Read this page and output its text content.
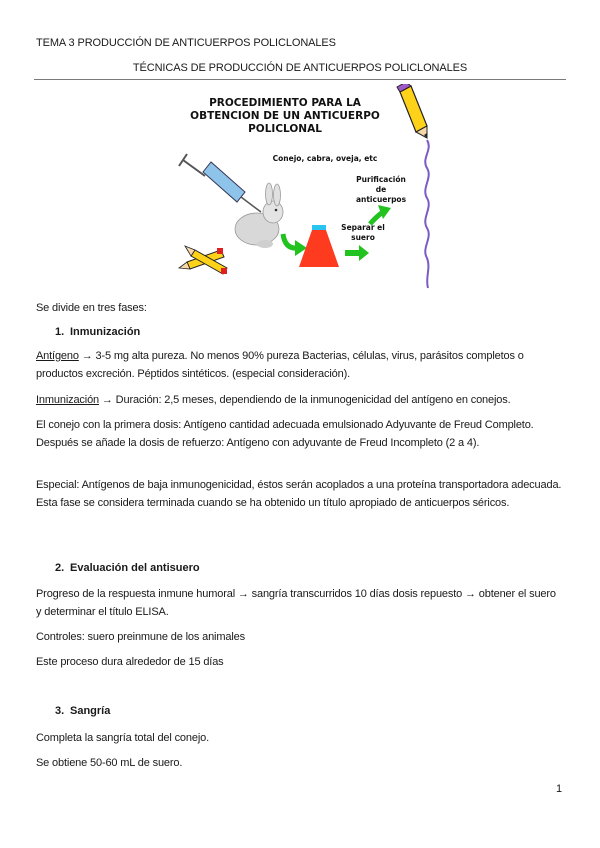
TEMA 3 PRODUCCIÓN DE ANTICUERPOS POLICLONALES
TÉCNICAS DE PRODUCCIÓN DE ANTICUERPOS POLICLONALES
PROCEDIMIENTO PARA LA
OBTENCION DE UN ANTICUERPO
POLICLONAL
Conejo, cabra, oveja, etc
Purificación
de
anticuerpos
Separar el
suero
Se divide en tres fases:
1. Inmunización
Antígeno → 3-5 mg alta pureza. No menos 90% pureza Bacterias, células, virus, parásitos completos o productos excreción. Péptidos sintéticos. (especial consideración).
Inmunización → Duración: 2,5 meses, dependiendo de la inmunogenicidad del antígeno en conejos.
El conejo con la primera dosis: Antígeno cantidad adecuada emulsionado Adyuvante de Freud Completo. Después se añade la dosis de refuerzo: Antígeno con adyuvante de Freud Incompleto (2 a 4).
Especial: Antígenos de baja inmunogenicidad, éstos serán acoplados a una proteína transportadora adecuada. Esta fase se considera terminada cuando se ha obtenido un título apropiado de anticuerpos séricos.
2. Evaluación del antisuero
Progreso de la respuesta inmune humoral → sangría transcurridos 10 días dosis repuesto → obtener el suero y determinar el título ELISA.
Controles: suero preinmune de los animales
Este proceso dura alrededor de 15 días
3. Sangría
Completa la sangría total del conejo.
Se obtiene 50-60 mL de suero.
1
